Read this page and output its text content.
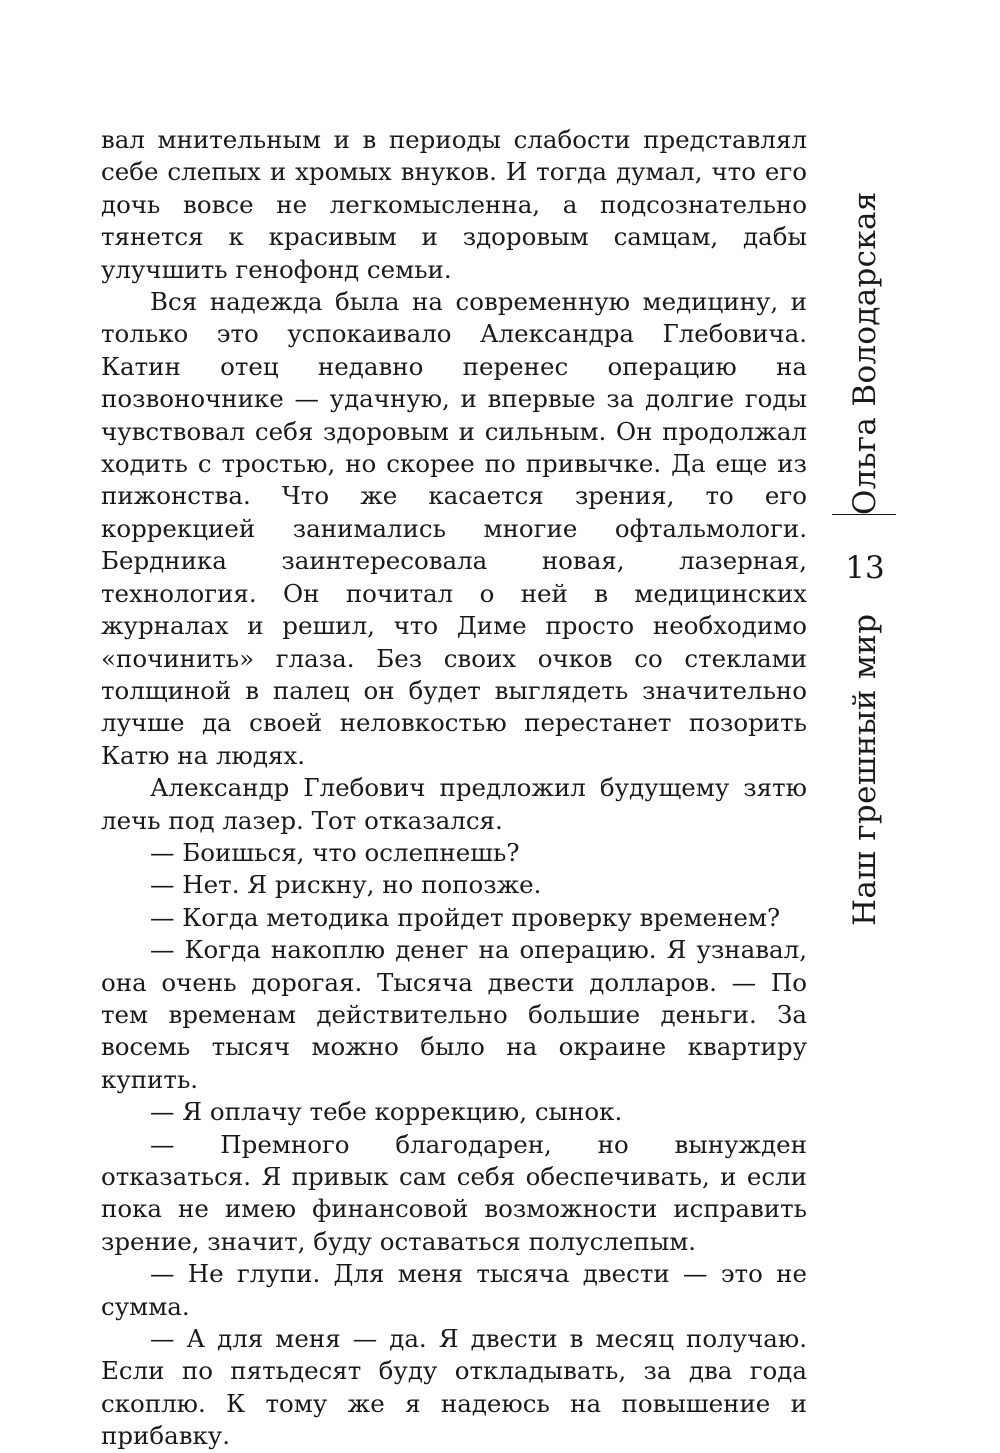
вал мнительным и в периоды слабости представлял себе слепых и хромых внуков. И тогда думал, что его дочь вовсе не легкомысленна, а подсознательно тянется к красивым и здоровым самцам, дабы улучшить генофонд семьи.

Вся надежда была на современную медицину, и только это успокаивало Александра Глебовича. Катин отец недавно перенес операцию на позвоночнике — удачную, и впервые за долгие годы чувствовал себя здоровым и сильным. Он продолжал ходить с тростью, но скорее по привычке. Да еще из пижонства. Что же касается зрения, то его коррекцией занимались многие офтальмологи. Бердника заинтересовала новая, лазерная, технология. Он почитал о ней в медицинских журналах и решил, что Диме просто необходимо «починить» глаза. Без своих очков со стеклами толщиной в палец он будет выглядеть значительно лучше да своей неловкостью перестанет позорить Катю на людях.

Александр Глебович предложил будущему зятю лечь под лазер. Тот отказался.

— Боишься, что ослепнешь?

— Нет. Я рискну, но попозже.

— Когда методика пройдет проверку временем?

— Когда накоплю денег на операцию. Я узнавал, она очень дорогая. Тысяча двести долларов. — По тем временам действительно большие деньги. За восемь тысяч можно было на окраине квартиру купить.

— Я оплачу тебе коррекцию, сынок.

— Премного благодарен, но вынужден отказаться. Я привык сам себя обеспечивать, и если пока не имею финансовой возможности исправить зрение, значит, буду оставаться полуслепым.

— Не глупи. Для меня тысяча двести — это не сумма.

— А для меня — да. Я двести в месяц получаю. Если по пятьдесят буду откладывать, за два года скоплю. К тому же я надеюсь на повышение и прибавку.

Ольга Володарская
13
Наш грешный мир
